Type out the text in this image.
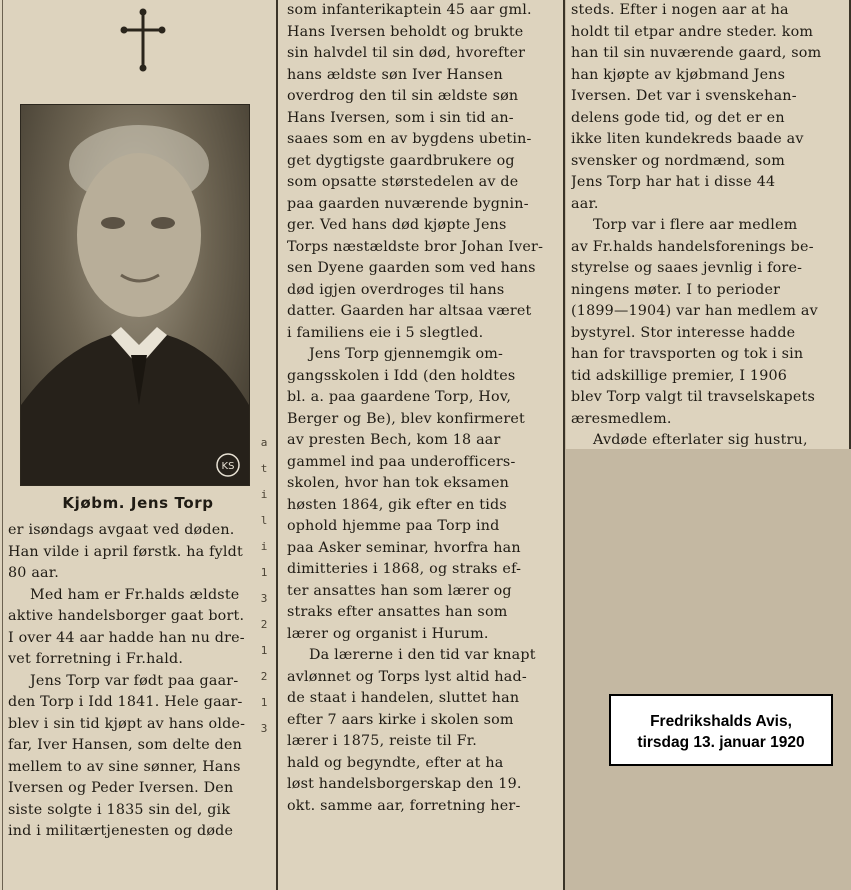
KS
Kjøbm. Jens Torp
er isøndags avgaat ved døden.
Han vilde i april førstk. ha fyldt
80 aar.
Med ham er Fr.halds ældste
aktive handelsborger gaat bort.
I over 44 aar hadde han nu dre-
vet forretning i Fr.hald.
Jens Torp var født paa gaar-
den Torp i Idd 1841. Hele gaar-
blev i sin tid kjøpt av hans olde-
far, Iver Hansen, som delte den
mellem to av sine sønner, Hans
Iversen og Peder Iversen. Den
siste solgte i 1835 sin del, gik
ind i militærtjenesten og døde
som infanterikaptein 45 aar gml.
Hans Iversen beholdt og brukte
sin halvdel til sin død, hvorefter
hans ældste søn Iver Hansen
overdrog den til sin ældste søn
Hans Iversen, som i sin tid an-
saaes som en av bygdens ubetin-
get dygtigste gaardbrukere og
som opsatte størstedelen av de
paa gaarden nuværende bygnin-
ger. Ved hans død kjøpte Jens
Torps næstældste bror Johan Iver-
sen Dyene gaarden som ved hans
død igjen overdroges til hans
datter. Gaarden har altsaa været
i familiens eie i 5 slegtled.
Jens Torp gjennemgik om-
gangsskolen i Idd (den holdtes
bl. a. paa gaardene Torp, Hov,
Berger og Be), blev konfirmeret
av presten Bech, kom 18 aar
gammel ind paa underofficers-
skolen, hvor han tok eksamen
høsten 1864, gik efter en tids
ophold hjemme paa Torp ind
paa Asker seminar, hvorfra han
dimitteries i 1868, og straks ef-
ter ansattes han som lærer og
straks efter ansattes han som
lærer og organist i Hurum.
Da lærerne i den tid var knapt
avlønnet og Torps lyst altid had-
de staat i handelen, sluttet han
efter 7 aars kirke i skolen som
lærer i 1875, reiste til Fr.
hald og begyndte, efter at ha
løst handelsborgerskap den 19.
okt. samme aar, forretning her-
steds. Efter i nogen aar at ha
holdt til etpar andre steder. kom
han til sin nuværende gaard, som
han kjøpte av kjøbmand Jens
Iversen. Det var i svenskehan-
delens gode tid, og det er en
ikke liten kundekreds baade av
svensker og nordmænd, som
Jens Torp har hat i disse 44
aar.
Torp var i flere aar medlem
av Fr.halds handelsforenings be-
styrelse og saaes jevnlig i fore-
ningens møter. I to perioder
(1899—1904) var han medlem av
bystyrel. Stor interesse hadde
han for travsporten og tok i sin
tid adskillige premier, I 1906
blev Torp valgt til travselskapets
æresmedlem.
Avdøde efterlater sig hustru,
a
t
i
l
i
1
3
2
1
2
1
3	Fredrikshalds Avis,
tirsdag 13. januar 1920
